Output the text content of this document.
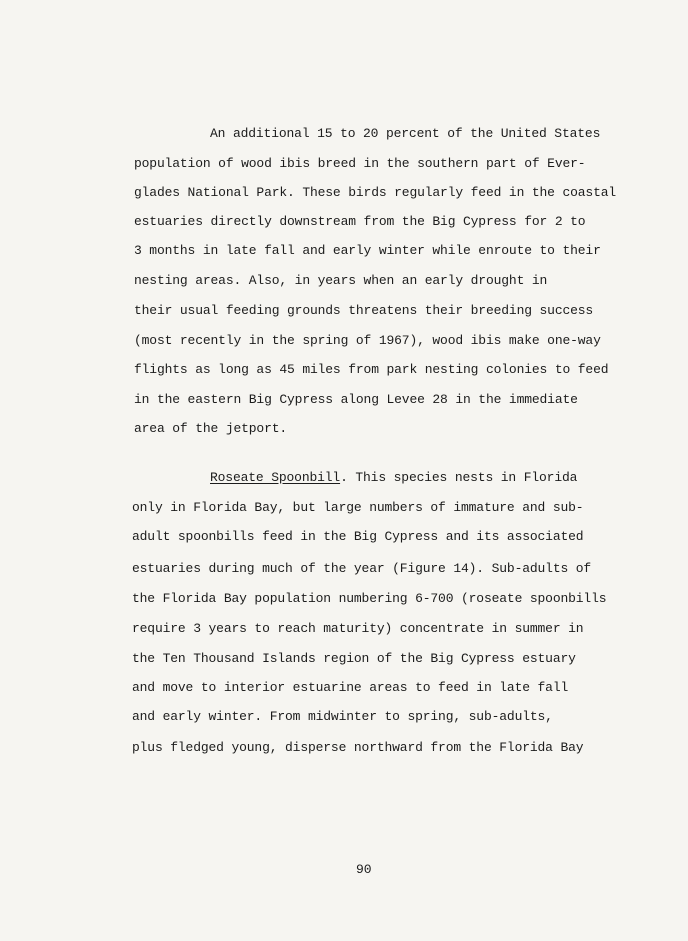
An additional 15 to 20 percent of the United States
population of wood ibis breed in the southern part of Ever-
glades National Park. These birds regularly feed in the coastal
estuaries directly downstream from the Big Cypress for 2 to
3 months in late fall and early winter while enroute to their
nesting areas. Also, in years when an early drought in
their usual feeding grounds threatens their breeding success
(most recently in the spring of 1967), wood ibis make one-way
flights as long as 45 miles from park nesting colonies to feed
in the eastern Big Cypress along Levee 28 in the immediate
area of the jetport.
Roseate Spoonbill. This species nests in Florida
only in Florida Bay, but large numbers of immature and sub-
adult spoonbills feed in the Big Cypress and its associated
estuaries during much of the year (Figure 14). Sub-adults of
the Florida Bay population numbering 6-700 (roseate spoonbills
require 3 years to reach maturity) concentrate in summer in
the Ten Thousand Islands region of the Big Cypress estuary
and move to interior estuarine areas to feed in late fall
and early winter. From midwinter to spring, sub-adults,
plus fledged young, disperse northward from the Florida Bay
90
